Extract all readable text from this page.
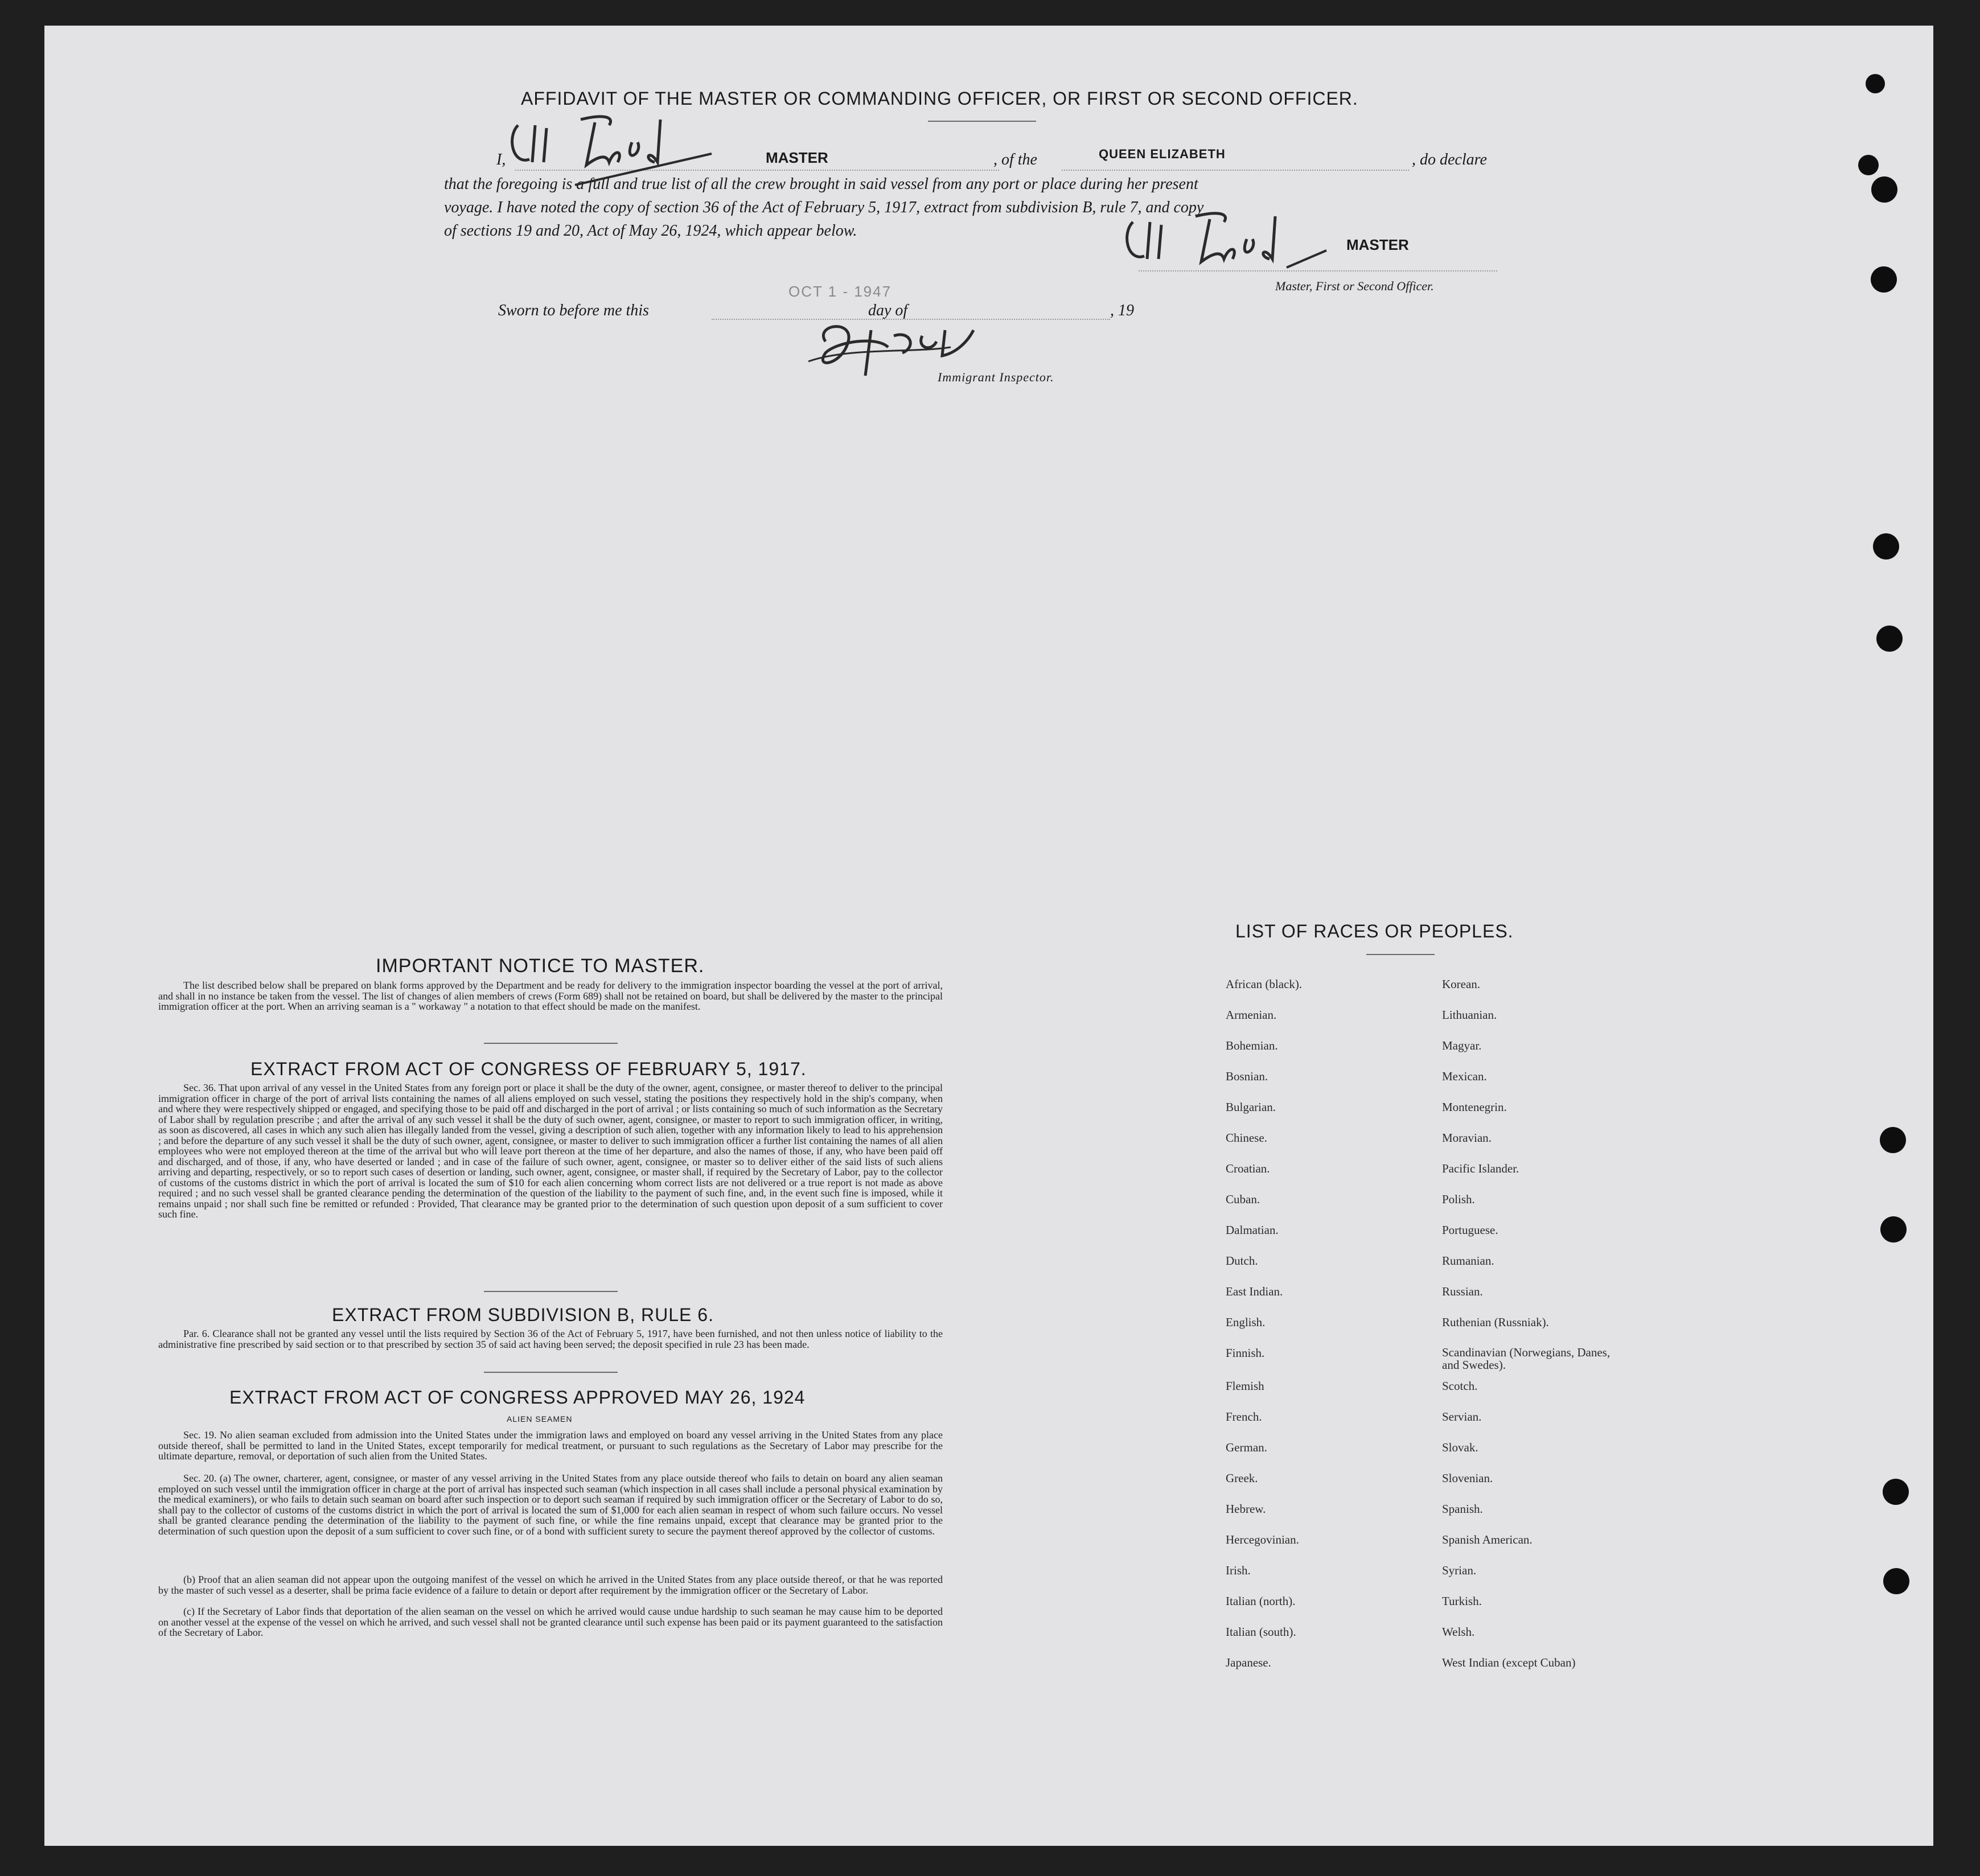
AFFIDAVIT OF THE MASTER OR COMMANDING OFFICER, OR FIRST OR SECOND OFFICER.
I,	MASTER	, of the	QUEEN ELIZABETH	, do declare
that the foregoing is a full and true list of all the crew brought in said vessel from any port or place during her present
voyage. I have noted the copy of section 36 of the Act of February 5, 1917, extract from subdivision B, rule 7, and copy
of sections 19 and 20, Act of May 26, 1924, which appear below.
MASTER
Master, First or Second Officer.
Sworn to before me this
OCT 1 - 1947
day of	, 19
Immigrant Inspector.
IMPORTANT NOTICE TO MASTER.
The list described below shall be prepared on blank forms approved by the Department and be ready for delivery to the immigration inspector boarding the vessel at the port of arrival, and shall in no instance be taken from the vessel. The list of changes of alien members of crews (Form 689) shall not be retained on board, but shall be delivered by the master to the principal immigration officer at the port. When an arriving seaman is a " workaway " a notation to that effect should be made on the manifest.
EXTRACT FROM ACT OF CONGRESS OF FEBRUARY 5, 1917.
Sec. 36. That upon arrival of any vessel in the United States from any foreign port or place it shall be the duty of the owner, agent, consignee, or master thereof to deliver to the principal immigration officer in charge of the port of arrival lists containing the names of all aliens employed on such vessel, stating the positions they respectively hold in the ship's company, when and where they were respectively shipped or engaged, and specifying those to be paid off and discharged in the port of arrival ; or lists containing so much of such information as the Secretary of Labor shall by regulation prescribe ; and after the arrival of any such vessel it shall be the duty of such owner, agent, consignee, or master to report to such immigration officer, in writing, as soon as discovered, all cases in which any such alien has illegally landed from the vessel, giving a description of such alien, together with any information likely to lead to his apprehension ; and before the departure of any such vessel it shall be the duty of such owner, agent, consignee, or master to deliver to such immigration officer a further list containing the names of all alien employees who were not employed thereon at the time of the arrival but who will leave port thereon at the time of her departure, and also the names of those, if any, who have been paid off and discharged, and of those, if any, who have deserted or landed ; and in case of the failure of such owner, agent, consignee, or master so to deliver either of the said lists of such aliens arriving and departing, respectively, or so to report such cases of desertion or landing, such owner, agent, consignee, or master shall, if required by the Secretary of Labor, pay to the collector of customs of the customs district in which the port of arrival is located the sum of $10 for each alien concerning whom correct lists are not delivered or a true report is not made as above required ; and no such vessel shall be granted clearance pending the determination of the question of the liability to the payment of such fine, and, in the event such fine is imposed, while it remains unpaid ; nor shall such fine be remitted or refunded : Provided, That clearance may be granted prior to the determination of such question upon deposit of a sum sufficient to cover such fine.
EXTRACT FROM SUBDIVISION B, RULE 6.
Par. 6. Clearance shall not be granted any vessel until the lists required by Section 36 of the Act of February 5, 1917, have been furnished, and not then unless notice of liability to the administrative fine prescribed by said section or to that prescribed by section 35 of said act having been served; the deposit specified in rule 23 has been made.
EXTRACT FROM ACT OF CONGRESS APPROVED MAY 26, 1924
ALIEN SEAMEN
Sec. 19. No alien seaman excluded from admission into the United States under the immigration laws and employed on board any vessel arriving in the United States from any place outside thereof, shall be permitted to land in the United States, except temporarily for medical treatment, or pursuant to such regulations as the Secretary of Labor may prescribe for the ultimate departure, removal, or deportation of such alien from the United States.
Sec. 20. (a) The owner, charterer, agent, consignee, or master of any vessel arriving in the United States from any place outside thereof who fails to detain on board any alien seaman employed on such vessel until the immigration officer in charge at the port of arrival has inspected such seaman (which inspection in all cases shall include a personal physical examination by the medical examiners), or who fails to detain such seaman on board after such inspection or to deport such seaman if required by such immigration officer or the Secretary of Labor to do so, shall pay to the collector of customs of the customs district in which the port of arrival is located the sum of $1,000 for each alien seaman in respect of whom such failure occurs. No vessel shall be granted clearance pending the determination of the liability to the payment of such fine, or while the fine remains unpaid, except that clearance may be granted prior to the determination of such question upon the deposit of a sum sufficient to cover such fine, or of a bond with sufficient surety to secure the payment thereof approved by the collector of customs.
(b) Proof that an alien seaman did not appear upon the outgoing manifest of the vessel on which he arrived in the United States from any place outside thereof, or that he was reported by the master of such vessel as a deserter, shall be prima facie evidence of a failure to detain or deport after requirement by the immigration officer or the Secretary of Labor.
(c) If the Secretary of Labor finds that deportation of the alien seaman on the vessel on which he arrived would cause undue hardship to such seaman he may cause him to be deported on another vessel at the expense of the vessel on which he arrived, and such vessel shall not be granted clearance until such expense has been paid or its payment guaranteed to the satisfaction of the Secretary of Labor.
LIST OF RACES OR PEOPLES.
African (black).
Armenian.
Bohemian.
Bosnian.
Bulgarian.
Chinese.
Croatian.
Cuban.
Dalmatian.
Dutch.
East Indian.
English.
Finnish.
Flemish
French.
German.
Greek.
Hebrew.
Hercegovinian.
Irish.
Italian (north).
Italian (south).
Japanese.
Korean.
Lithuanian.
Magyar.
Mexican.
Montenegrin.
Moravian.
Pacific Islander.
Polish.
Portuguese.
Rumanian.
Russian.
Ruthenian (Russniak).
Scandinavian (Norwegians, Danes, and Swedes).
Scotch.
Servian.
Slovak.
Slovenian.
Spanish.
Spanish American.
Syrian.
Turkish.
Welsh.
West Indian (except Cuban)
